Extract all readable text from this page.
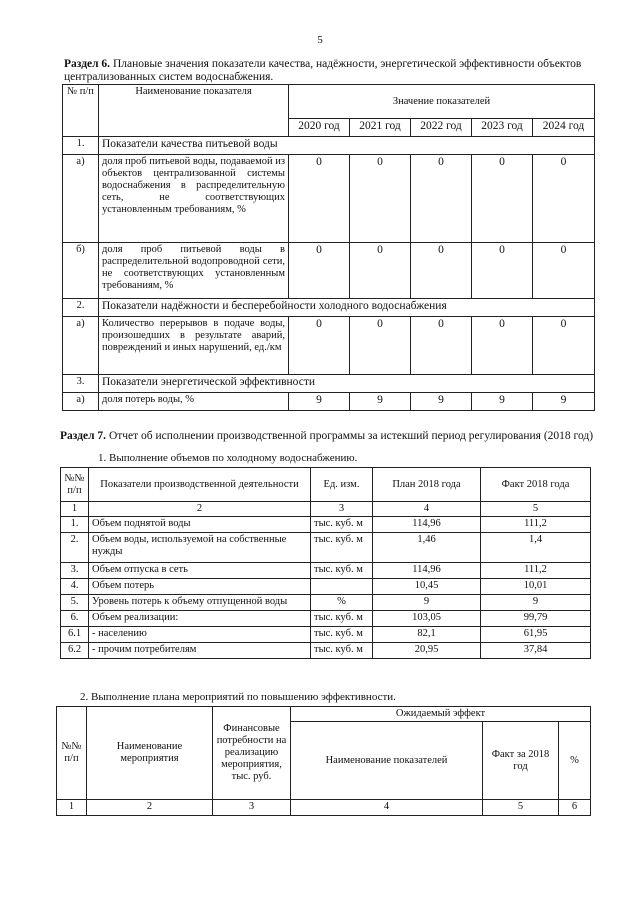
5
Раздел 6. Плановые значения показатели качества, надёжности, энергетической эффективности объектов централизованных систем водоснабжения.
№ п/п	Наименование показателя	Значение показателей				
		2020 год	2021 год	2022 год	2023 год	2024 год
1.	Показатели качества питьевой воды					
а)	доля проб питьевой воды, подаваемой из объектов централизованной системы водоснабжения в распределительную сеть, не соответствующих установленным требованиям, %	0	0	0	0	0
б)	доля проб питьевой воды в распределительной водопроводной сети, не соответствующих установленным требованиям, %	0	0	0	0	0
2.	Показатели надёжности и бесперебойности холодного водоснабжения					
а)	Количество перерывов в подаче воды, произошедших в результате аварий, повреждений и иных нарушений, ед./км	0	0	0	0	0
3.	Показатели энергетической эффективности					
а)	доля потерь воды, %	9	9	9	9	9
Раздел 7. Отчет об исполнении производственной программы за истекший период регулирования (2018 год)
1. Выполнение объемов по холодному водоснабжению.
№№ п/п	Показатели производственной деятельности	Ед. изм.	План 2018 года	Факт 2018 года
1	2	3	4	5
1.	Объем поднятой воды	тыс. куб. м	114,96	111,2
2.	Объем воды, используемой на собственные нужды	тыс. куб. м	1,46	1,4
3.	Объем отпуска в сеть	тыс. куб. м	114,96	111,2
4.	Объем потерь		10,45	10,01
5.	Уровень потерь к объему отпущенной воды	%	9	9
6.	Объем реализации:	тыс. куб. м	103,05	99,79
6.1	- населению	тыс. куб. м	82,1	61,95
6.2	- прочим потребителям	тыс. куб. м	20,95	37,84
2. Выполнение плана мероприятий по повышению эффективности.
№№ п/п	Наименование мероприятия	Финансовые потребности на реализацию мероприятия, тыс. руб.	Ожидаемый эффект		
			Наименование показателей	Факт за 2018 год	%
1	2	3	4	5	6
